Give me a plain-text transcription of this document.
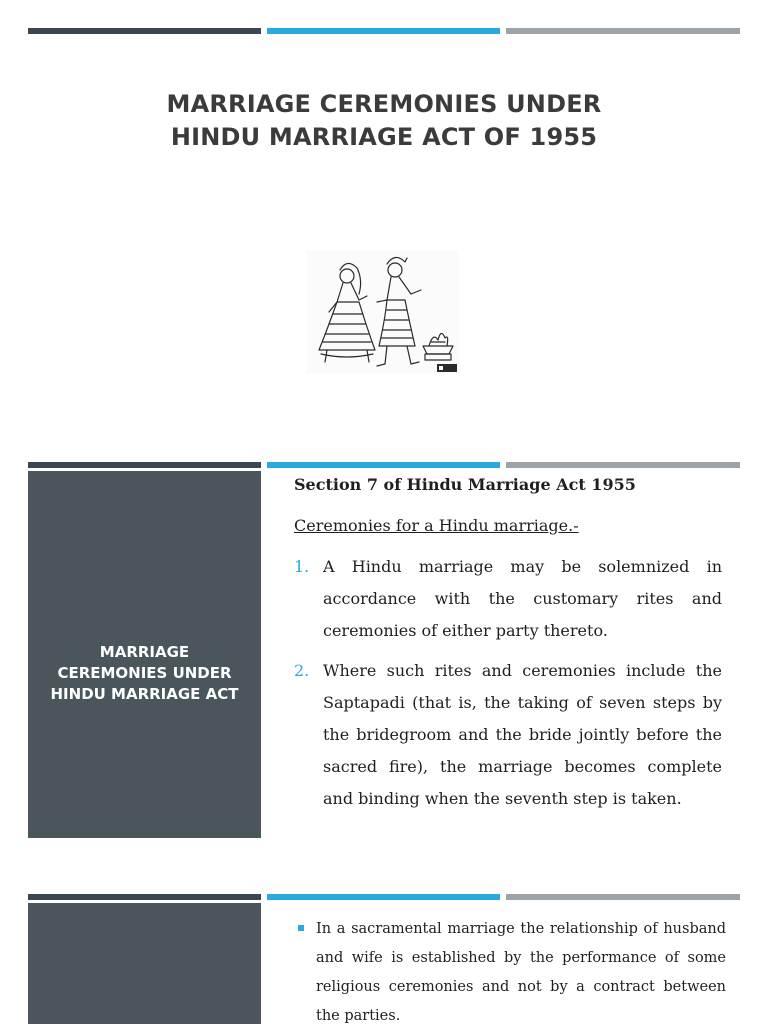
MARRIAGE CEREMONIES UNDER
HINDU MARRIAGE ACT OF 1955
MARRIAGE
CEREMONIES UNDER
HINDU MARRIAGE ACT

Section 7 of Hindu Marriage Act 1955

Ceremonies for a Hindu marriage.-

1. A Hindu marriage may be solemnized in accordance with the customary rites and ceremonies of either party thereto.
2. Where such rites and ceremonies include the Saptapadi (that is, the taking of seven steps by the bridegroom and the bride jointly before the sacred fire), the marriage becomes complete and binding when the seventh step is taken.
In a sacramental marriage the relationship of husband and wife is established by the performance of some religious ceremonies and not by a contract between the parties.
